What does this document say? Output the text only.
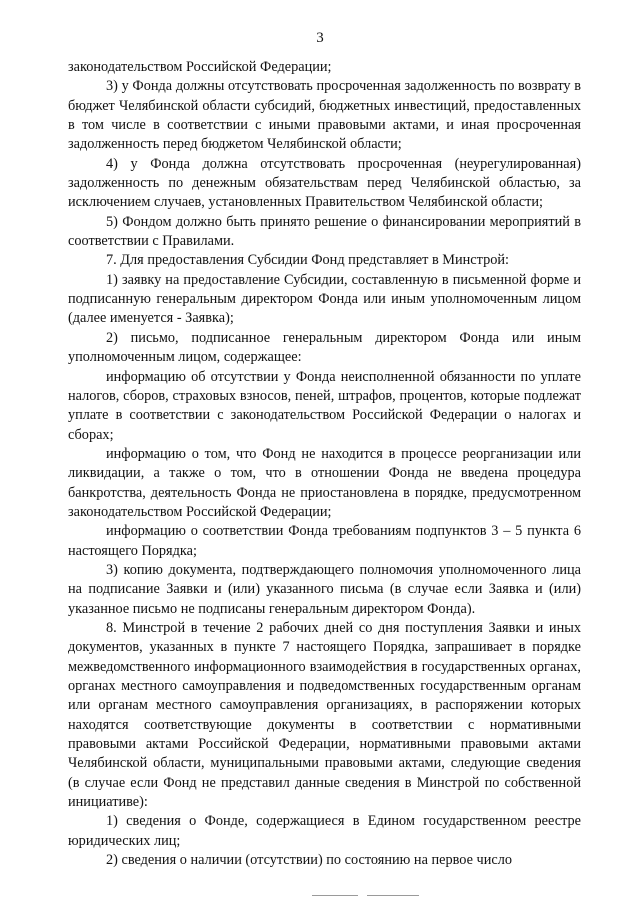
3

законодательством Российской Федерации;

3) у Фонда должны отсутствовать просроченная задолженность по возврату в бюджет Челябинской области субсидий, бюджетных инвестиций, предоставленных в том числе в соответствии с иными правовыми актами, и иная просроченная задолженность перед бюджетом Челябинской области;

4) у Фонда должна отсутствовать просроченная (неурегулированная) задолженность по денежным обязательствам перед Челябинской областью, за исключением случаев, установленных Правительством Челябинской области;

5) Фондом должно быть принято решение о финансировании мероприятий в соответствии с Правилами.

7. Для предоставления Субсидии Фонд представляет в Минстрой:

1) заявку на предоставление Субсидии, составленную в письменной форме и подписанную генеральным директором Фонда или иным уполномоченным лицом (далее именуется - Заявка);

2) письмо, подписанное генеральным директором Фонда или иным уполномоченным лицом, содержащее:

информацию об отсутствии у Фонда неисполненной обязанности по уплате налогов, сборов, страховых взносов, пеней, штрафов, процентов, которые подлежат уплате в соответствии с законодательством Российской Федерации о налогах и сборах;

информацию о том, что Фонд не находится в процессе реорганизации или ликвидации, а также о том, что в отношении Фонда не введена процедура банкротства, деятельность Фонда не приостановлена в порядке, предусмотренном законодательством Российской Федерации;

информацию о соответствии Фонда требованиям подпунктов 3 – 5 пункта 6 настоящего Порядка;

3) копию документа, подтверждающего полномочия уполномоченного лица на подписание Заявки и (или) указанного письма (в случае если Заявка и (или) указанное письмо не подписаны генеральным директором Фонда).

8. Минстрой в течение 2 рабочих дней со дня поступления Заявки и иных документов, указанных в пункте 7 настоящего Порядка, запрашивает в порядке межведомственного информационного взаимодействия в государственных органах, органах местного самоуправления и подведомственных государственным органам или органам местного самоуправления организациях, в распоряжении которых находятся соответствующие документы в соответствии с нормативными правовыми актами Российской Федерации, нормативными правовыми актами Челябинской области, муниципальными правовыми актами, следующие сведения (в случае если Фонд не представил данные сведения в Минстрой по собственной инициативе):

1) сведения о Фонде, содержащиеся в Едином государственном реестре юридических лиц;

2) сведения о наличии (отсутствии) по состоянию на первое число
